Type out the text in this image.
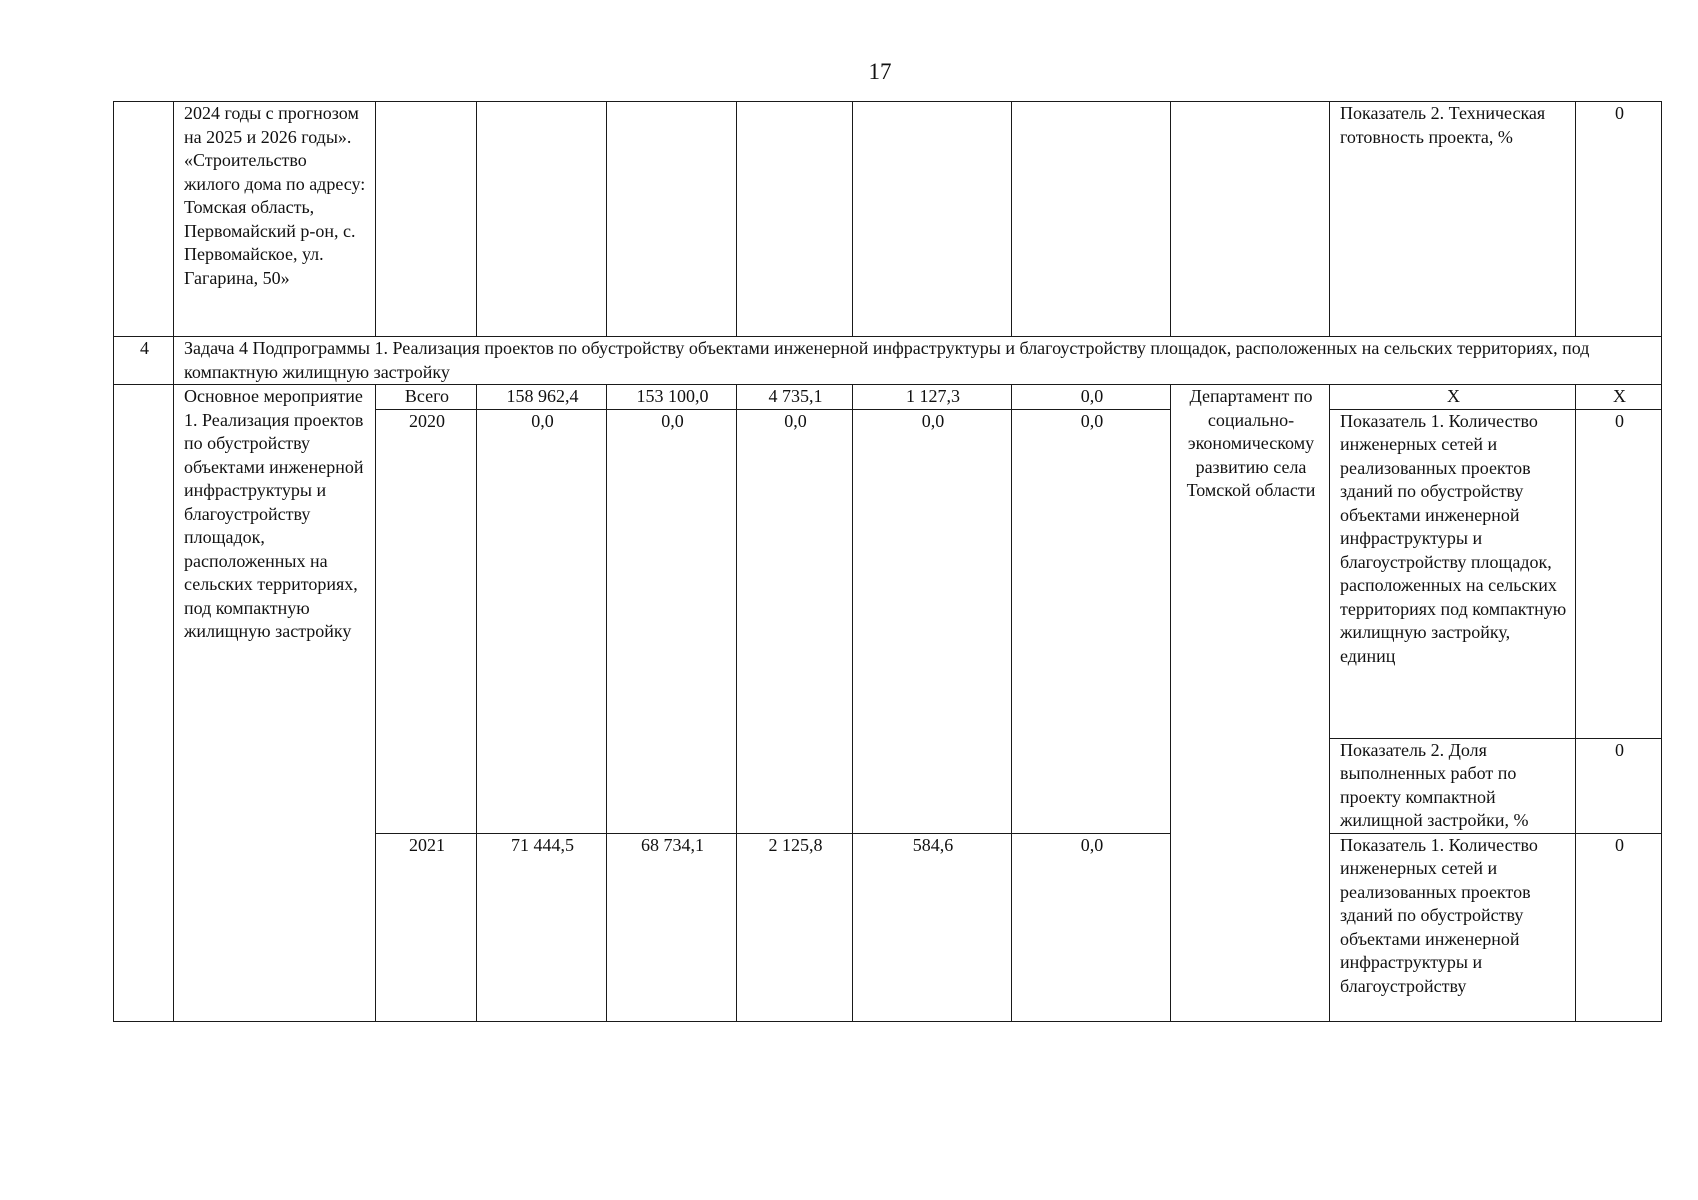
17
	2024 годы с прогнозом на 2025 и 2026 годы». «Строительство жилого дома по адресу: Томская область, Первомайский р-он, с. Первомайское, ул. Гагарина, 50»								Показатель 2. Техническая готовность проекта, %	0
4	Задача 4 Подпрограммы 1. Реализация проектов по обустройству объектами инженерной инфраструктуры и благоустройству площадок, расположенных на сельских территориях, под компактную жилищную застройку									
	Основное мероприятие 1. Реализация проектов по обустройству объектами инженерной инфраструктуры и благоустройству площадок, расположенных на сельских территориях, под компактную жилищную застройку	Всего	158 962,4	153 100,0	4 735,1	1 127,3	0,0	Департамент по социально-экономическому развитию села Томской области	X	X
		2020	0,0	0,0	0,0	0,0	0,0		Показатель 1. Количество инженерных сетей и реализованных проектов зданий по обустройству объектами инженерной инфраструктуры и благоустройству площадок, расположенных на сельских территориях под компактную жилищную застройку, единиц	0
									Показатель 2. Доля выполненных работ по проекту компактной жилищной застройки, %	0
		2021	71 444,5	68 734,1	2 125,8	584,6	0,0		Показатель 1. Количество инженерных сетей и реализованных проектов зданий по обустройству объектами инженерной инфраструктуры и благоустройству	0
